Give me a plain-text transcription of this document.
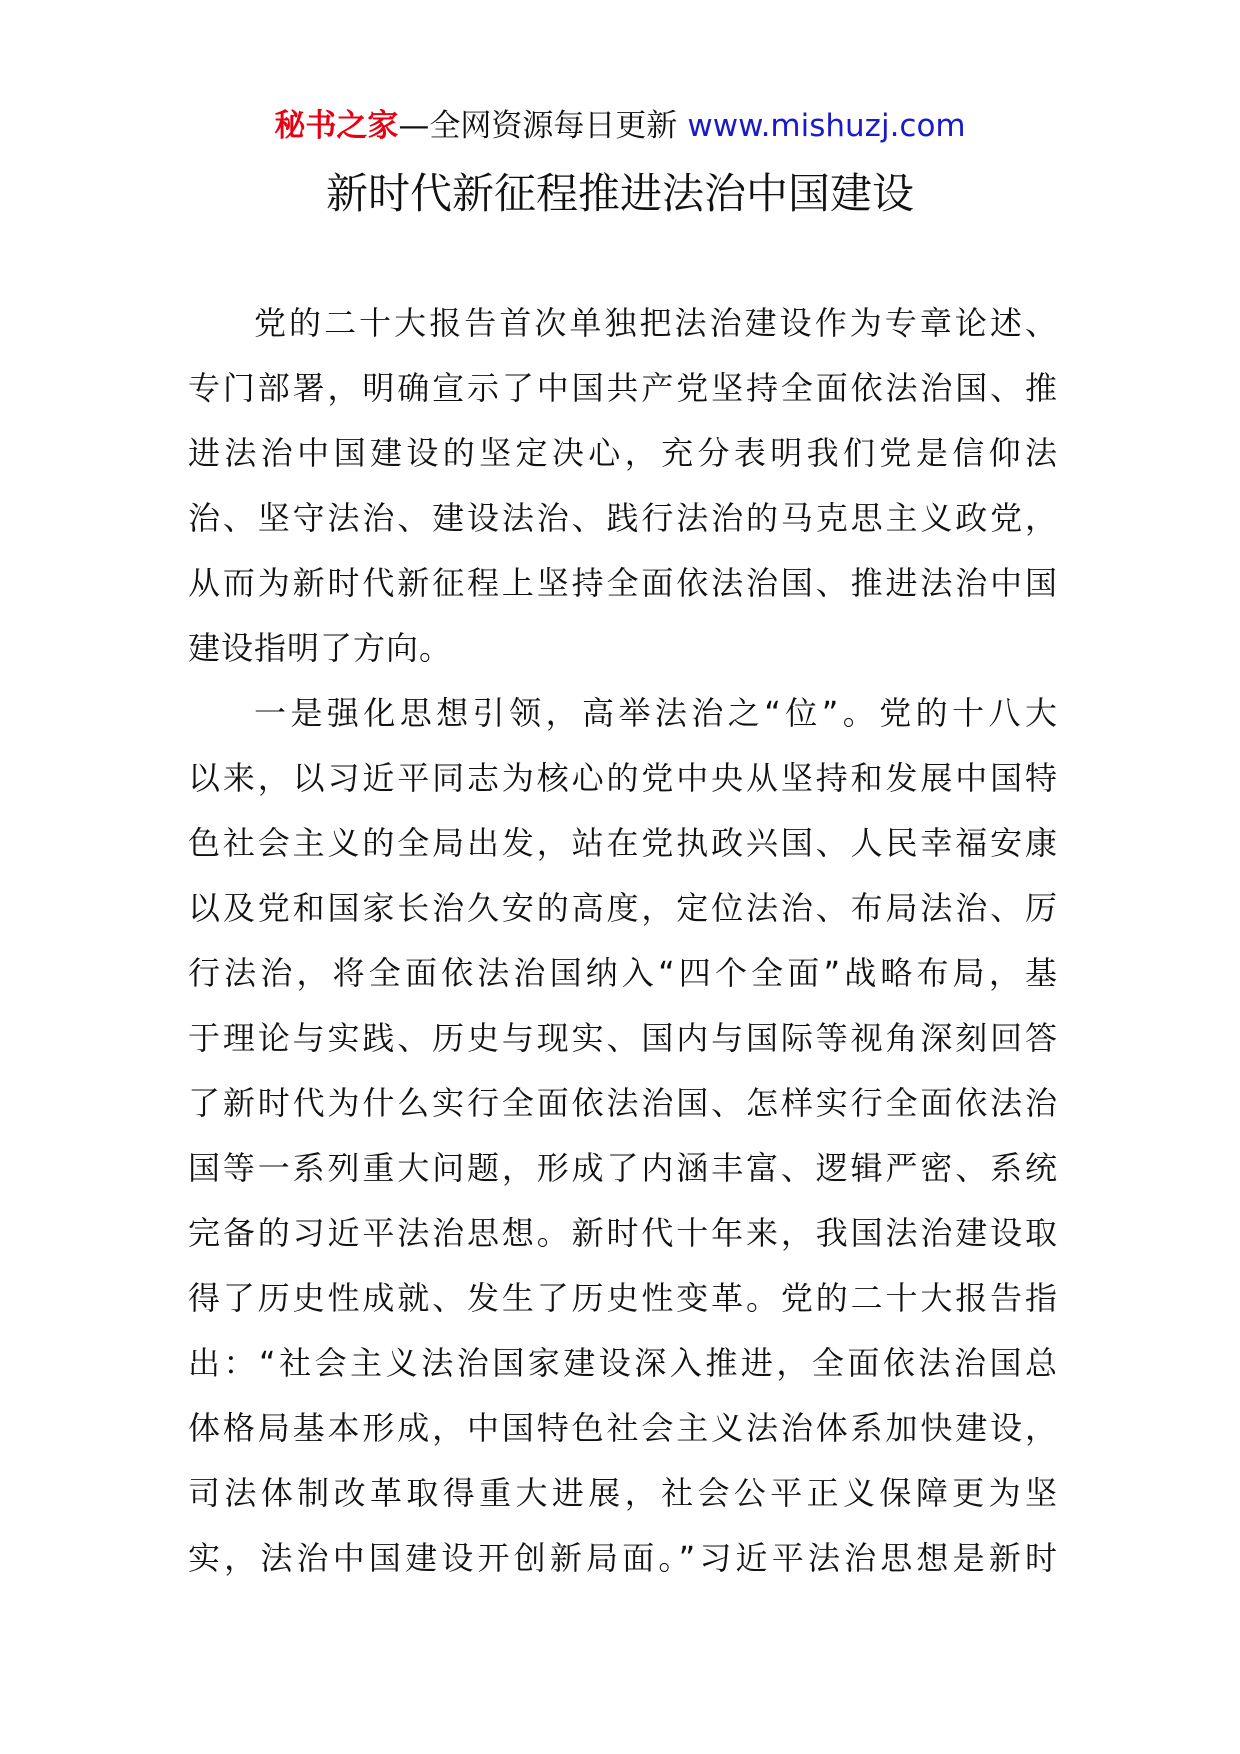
秘书之家—全网资源每日更新 www.mishuzj.com
新时代新征程推进法治中国建设
党的二十大报告首次单独把法治建设作为专章论述、
专门部署，明确宣示了中国共产党坚持全面依法治国、推
进法治中国建设的坚定决心，充分表明我们党是信仰法
治、坚守法治、建设法治、践行法治的马克思主义政党，
从而为新时代新征程上坚持全面依法治国、推进法治中国
建设指明了方向。
一是强化思想引领，高举法治之“位”。党的十八大
以来，以习近平同志为核心的党中央从坚持和发展中国特
色社会主义的全局出发，站在党执政兴国、人民幸福安康
以及党和国家长治久安的高度，定位法治、布局法治、厉
行法治，将全面依法治国纳入“四个全面”战略布局，基
于理论与实践、历史与现实、国内与国际等视角深刻回答
了新时代为什么实行全面依法治国、怎样实行全面依法治
国等一系列重大问题，形成了内涵丰富、逻辑严密、系统
完备的习近平法治思想。新时代十年来，我国法治建设取
得了历史性成就、发生了历史性变革。党的二十大报告指
出：“社会主义法治国家建设深入推进，全面依法治国总
体格局基本形成，中国特色社会主义法治体系加快建设，
司法体制改革取得重大进展，社会公平正义保障更为坚
实，法治中国建设开创新局面。”习近平法治思想是新时
